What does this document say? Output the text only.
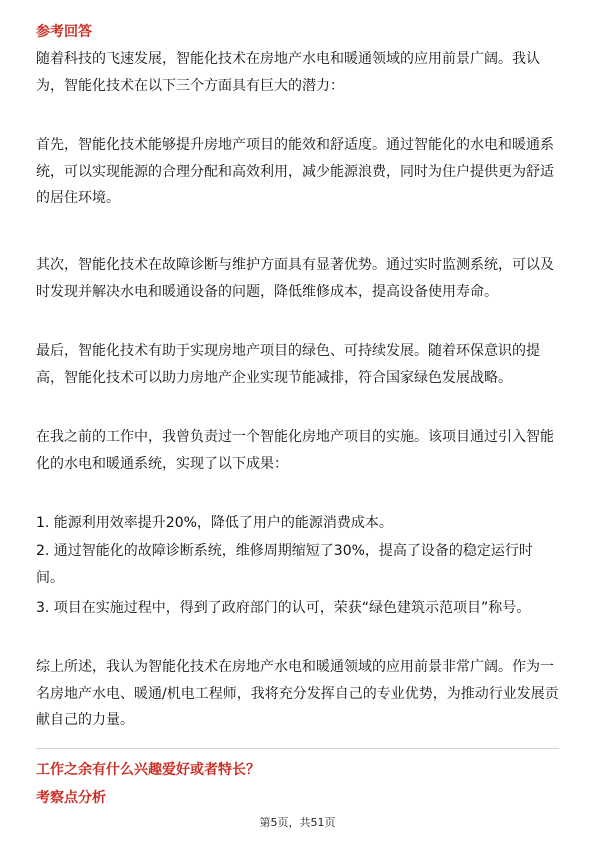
参考回答
随着科技的飞速发展，智能化技术在房地产水电和暖通领域的应用前景广阔。我认为，智能化技术在以下三个方面具有巨大的潜力：
首先，智能化技术能够提升房地产项目的能效和舒适度。通过智能化的水电和暖通系统，可以实现能源的合理分配和高效利用，减少能源浪费，同时为住户提供更为舒适的居住环境。
其次，智能化技术在故障诊断与维护方面具有显著优势。通过实时监测系统，可以及时发现并解决水电和暖通设备的问题，降低维修成本，提高设备使用寿命。
最后，智能化技术有助于实现房地产项目的绿色、可持续发展。随着环保意识的提高，智能化技术可以助力房地产企业实现节能减排，符合国家绿色发展战略。
在我之前的工作中，我曾负责过一个智能化房地产项目的实施。该项目通过引入智能化的水电和暖通系统，实现了以下成果：
1. 能源利用效率提升20%，降低了用户的能源消费成本。
2. 通过智能化的故障诊断系统，维修周期缩短了30%，提高了设备的稳定运行时间。
3. 项目在实施过程中，得到了政府部门的认可，荣获“绿色建筑示范项目”称号。
综上所述，我认为智能化技术在房地产水电和暖通领域的应用前景非常广阔。作为一名房地产水电、暖通/机电工程师，我将充分发挥自己的专业优势，为推动行业发展贡献自己的力量。
工作之余有什么兴趣爱好或者特长？
考察点分析
第5页，共51页
